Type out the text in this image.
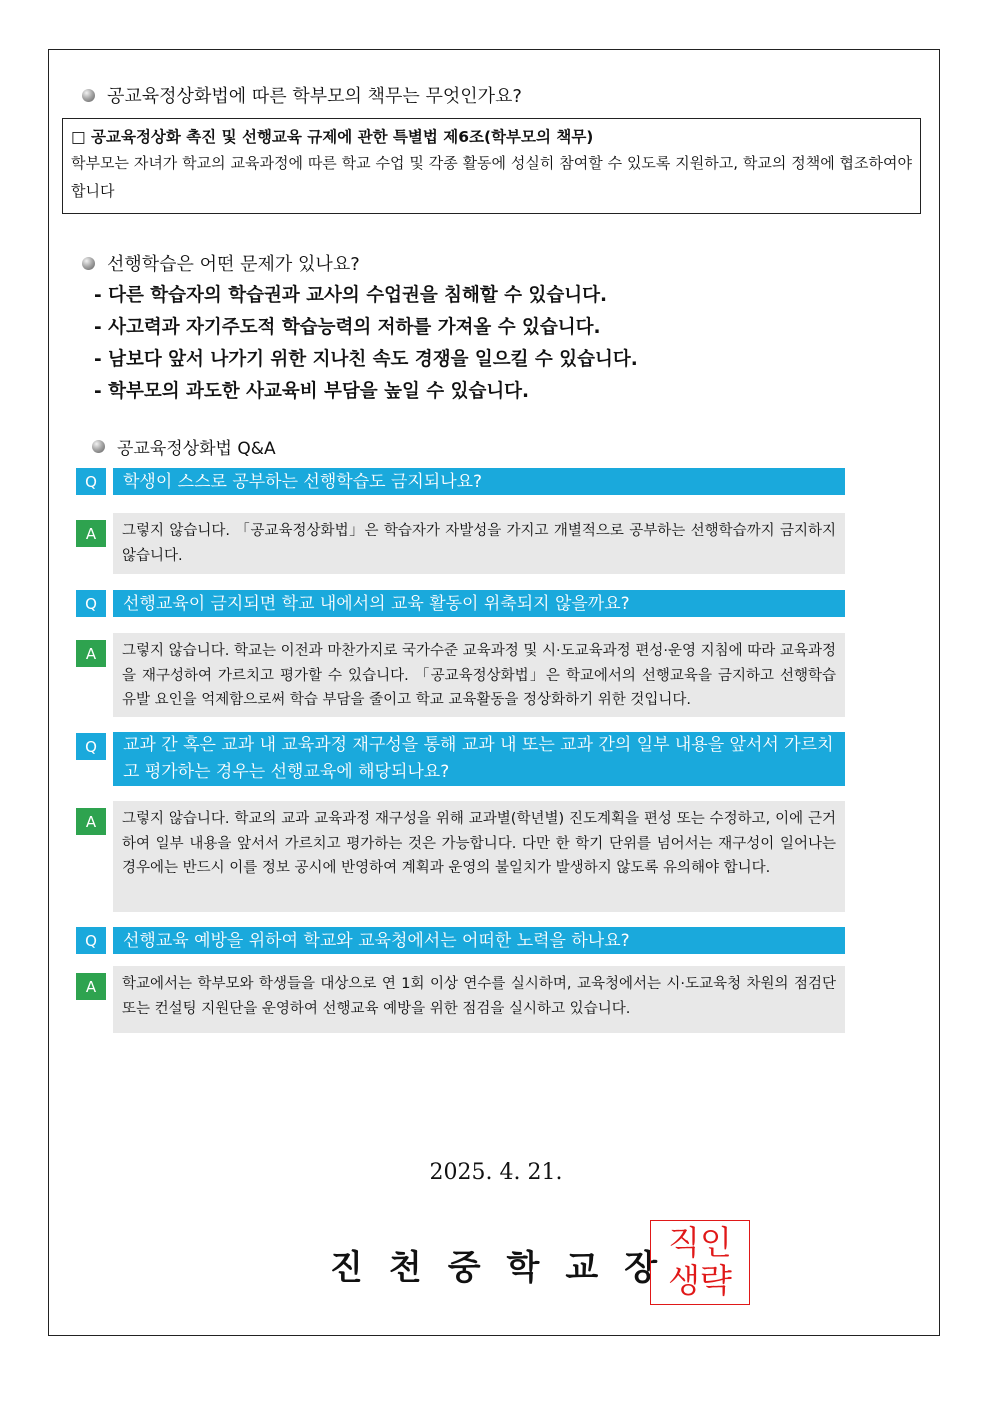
공교육정상화법에 따른 학부모의 책무는 무엇인가요?
□ 공교육정상화 촉진 및 선행교육 규제에 관한 특별법 제6조(학부모의 책무)
학부모는 자녀가 학교의 교육과정에 따른 학교 수업 및 각종 활동에 성실히 참여할 수 있도록 지원하고, 학교의 정책에 협조하여야 합니다
선행학습은 어떤 문제가 있나요?
- 다른 학습자의 학습권과 교사의 수업권을 침해할 수 있습니다.
- 사고력과 자기주도적 학습능력의 저하를 가져올 수 있습니다.
- 남보다 앞서 나가기 위한 지나친 속도 경쟁을 일으킬 수 있습니다.
- 학부모의 과도한 사교육비 부담을 높일 수 있습니다.
공교육정상화법 Q&A
Q	학생이 스스로 공부하는 선행학습도 금지되나요?
A	그렇지 않습니다. 「공교육정상화법」은 학습자가 자발성을 가지고 개별적으로 공부하는 선행학습까지 금지하지 않습니다.
Q	선행교육이 금지되면 학교 내에서의 교육 활동이 위축되지 않을까요?
A	그렇지 않습니다. 학교는 이전과 마찬가지로 국가수준 교육과정 및 시·도교육과정 편성·운영 지침에 따라 교육과정을 재구성하여 가르치고 평가할 수 있습니다. 「공교육정상화법」은 학교에서의 선행교육을 금지하고 선행학습 유발 요인을 억제함으로써 학습 부담을 줄이고 학교 교육활동을 정상화하기 위한 것입니다.
Q	교과 간 혹은 교과 내 교육과정 재구성을 통해 교과 내 또는 교과 간의 일부 내용을 앞서서 가르치고 평가하는 경우는 선행교육에 해당되나요?
A	그렇지 않습니다. 학교의 교과 교육과정 재구성을 위해 교과별(학년별) 진도계획을 편성 또는 수정하고, 이에 근거하여 일부 내용을 앞서서 가르치고 평가하는 것은 가능합니다. 다만 한 학기 단위를 넘어서는 재구성이 일어나는 경우에는 반드시 이를 정보 공시에 반영하여 계획과 운영의 불일치가 발생하지 않도록 유의해야 합니다.
Q	선행교육 예방을 위하여 학교와 교육청에서는 어떠한 노력을 하나요?
A	학교에서는 학부모와 학생들을 대상으로 연 1회 이상 연수를 실시하며, 교육청에서는 시·도교육청 차원의 점검단 또는 컨설팅 지원단을 운영하여 선행교육 예방을 위한 점검을 실시하고 있습니다.
2025. 4. 21.
진천중학교장
직인
생략
